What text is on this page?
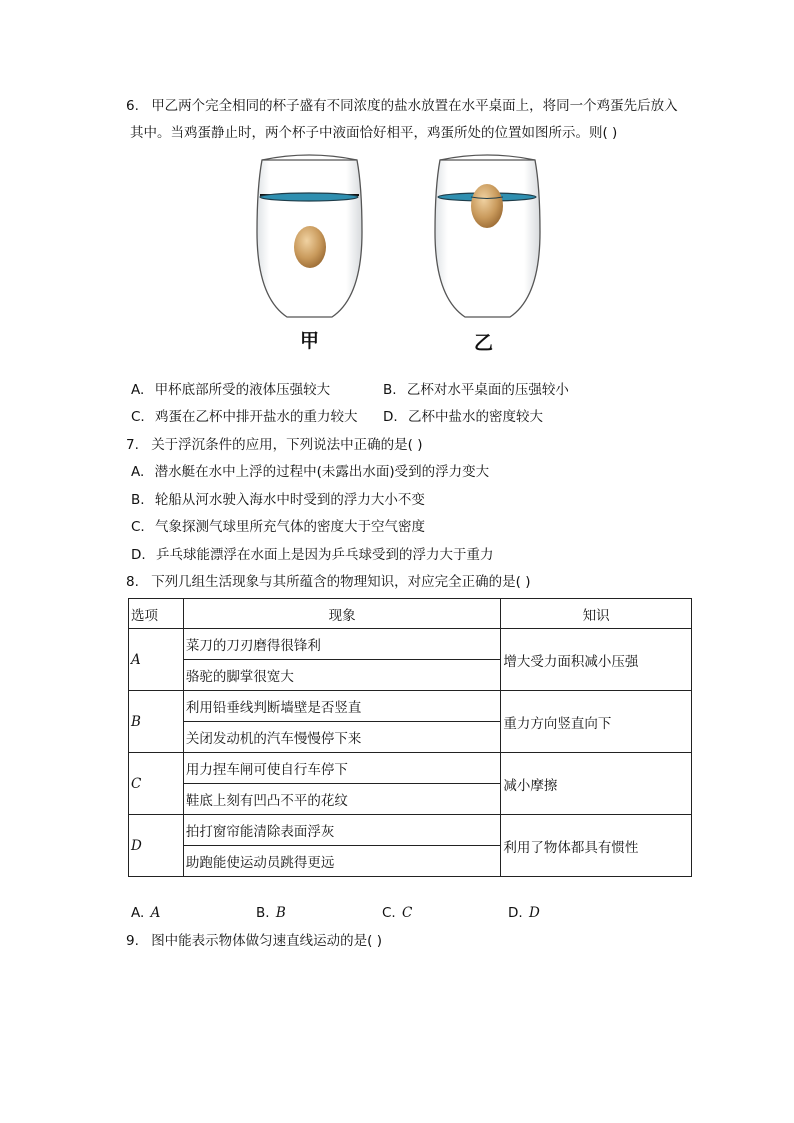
6. 甲乙两个完全相同的杯子盛有不同浓度的盐水放置在水平桌面上，将同一个鸡蛋先后放入
其中。当鸡蛋静止时，两个杯子中液面恰好相平，鸡蛋所处的位置如图所示。则( )
甲	乙
A. 甲杯底部所受的液体压强较大	B. 乙杯对水平桌面的压强较小
C. 鸡蛋在乙杯中排开盐水的重力较大 D. 乙杯中盐水的密度较大
7. 关于浮沉条件的应用，下列说法中正确的是( )
A. 潜水艇在水中上浮的过程中(未露出水面)受到的浮力变大
B. 轮船从河水驶入海水中时受到的浮力大小不变
C. 气象探测气球里所充气体的密度大于空气密度
D. 乒乓球能漂浮在水面上是因为乒乓球受到的浮力大于重力
8. 下列几组生活现象与其所蕴含的物理知识，对应完全正确的是( )
选项	现象	知识
A	菜刀的刀刃磨得很锋利	增大受力面积减小压强
	骆驼的脚掌很宽大	
B	利用铅垂线判断墙壁是否竖直	重力方向竖直向下
	关闭发动机的汽车慢慢停下来	
C	用力捏车闸可使自行车停下	减小摩擦
	鞋底上刻有凹凸不平的花纹	
D	拍打窗帘能清除表面浮灰	利用了物体都具有惯性
	助跑能使运动员跳得更远	
A. A	B. B	C. C	D. D
9. 图中能表示物体做匀速直线运动的是( )
